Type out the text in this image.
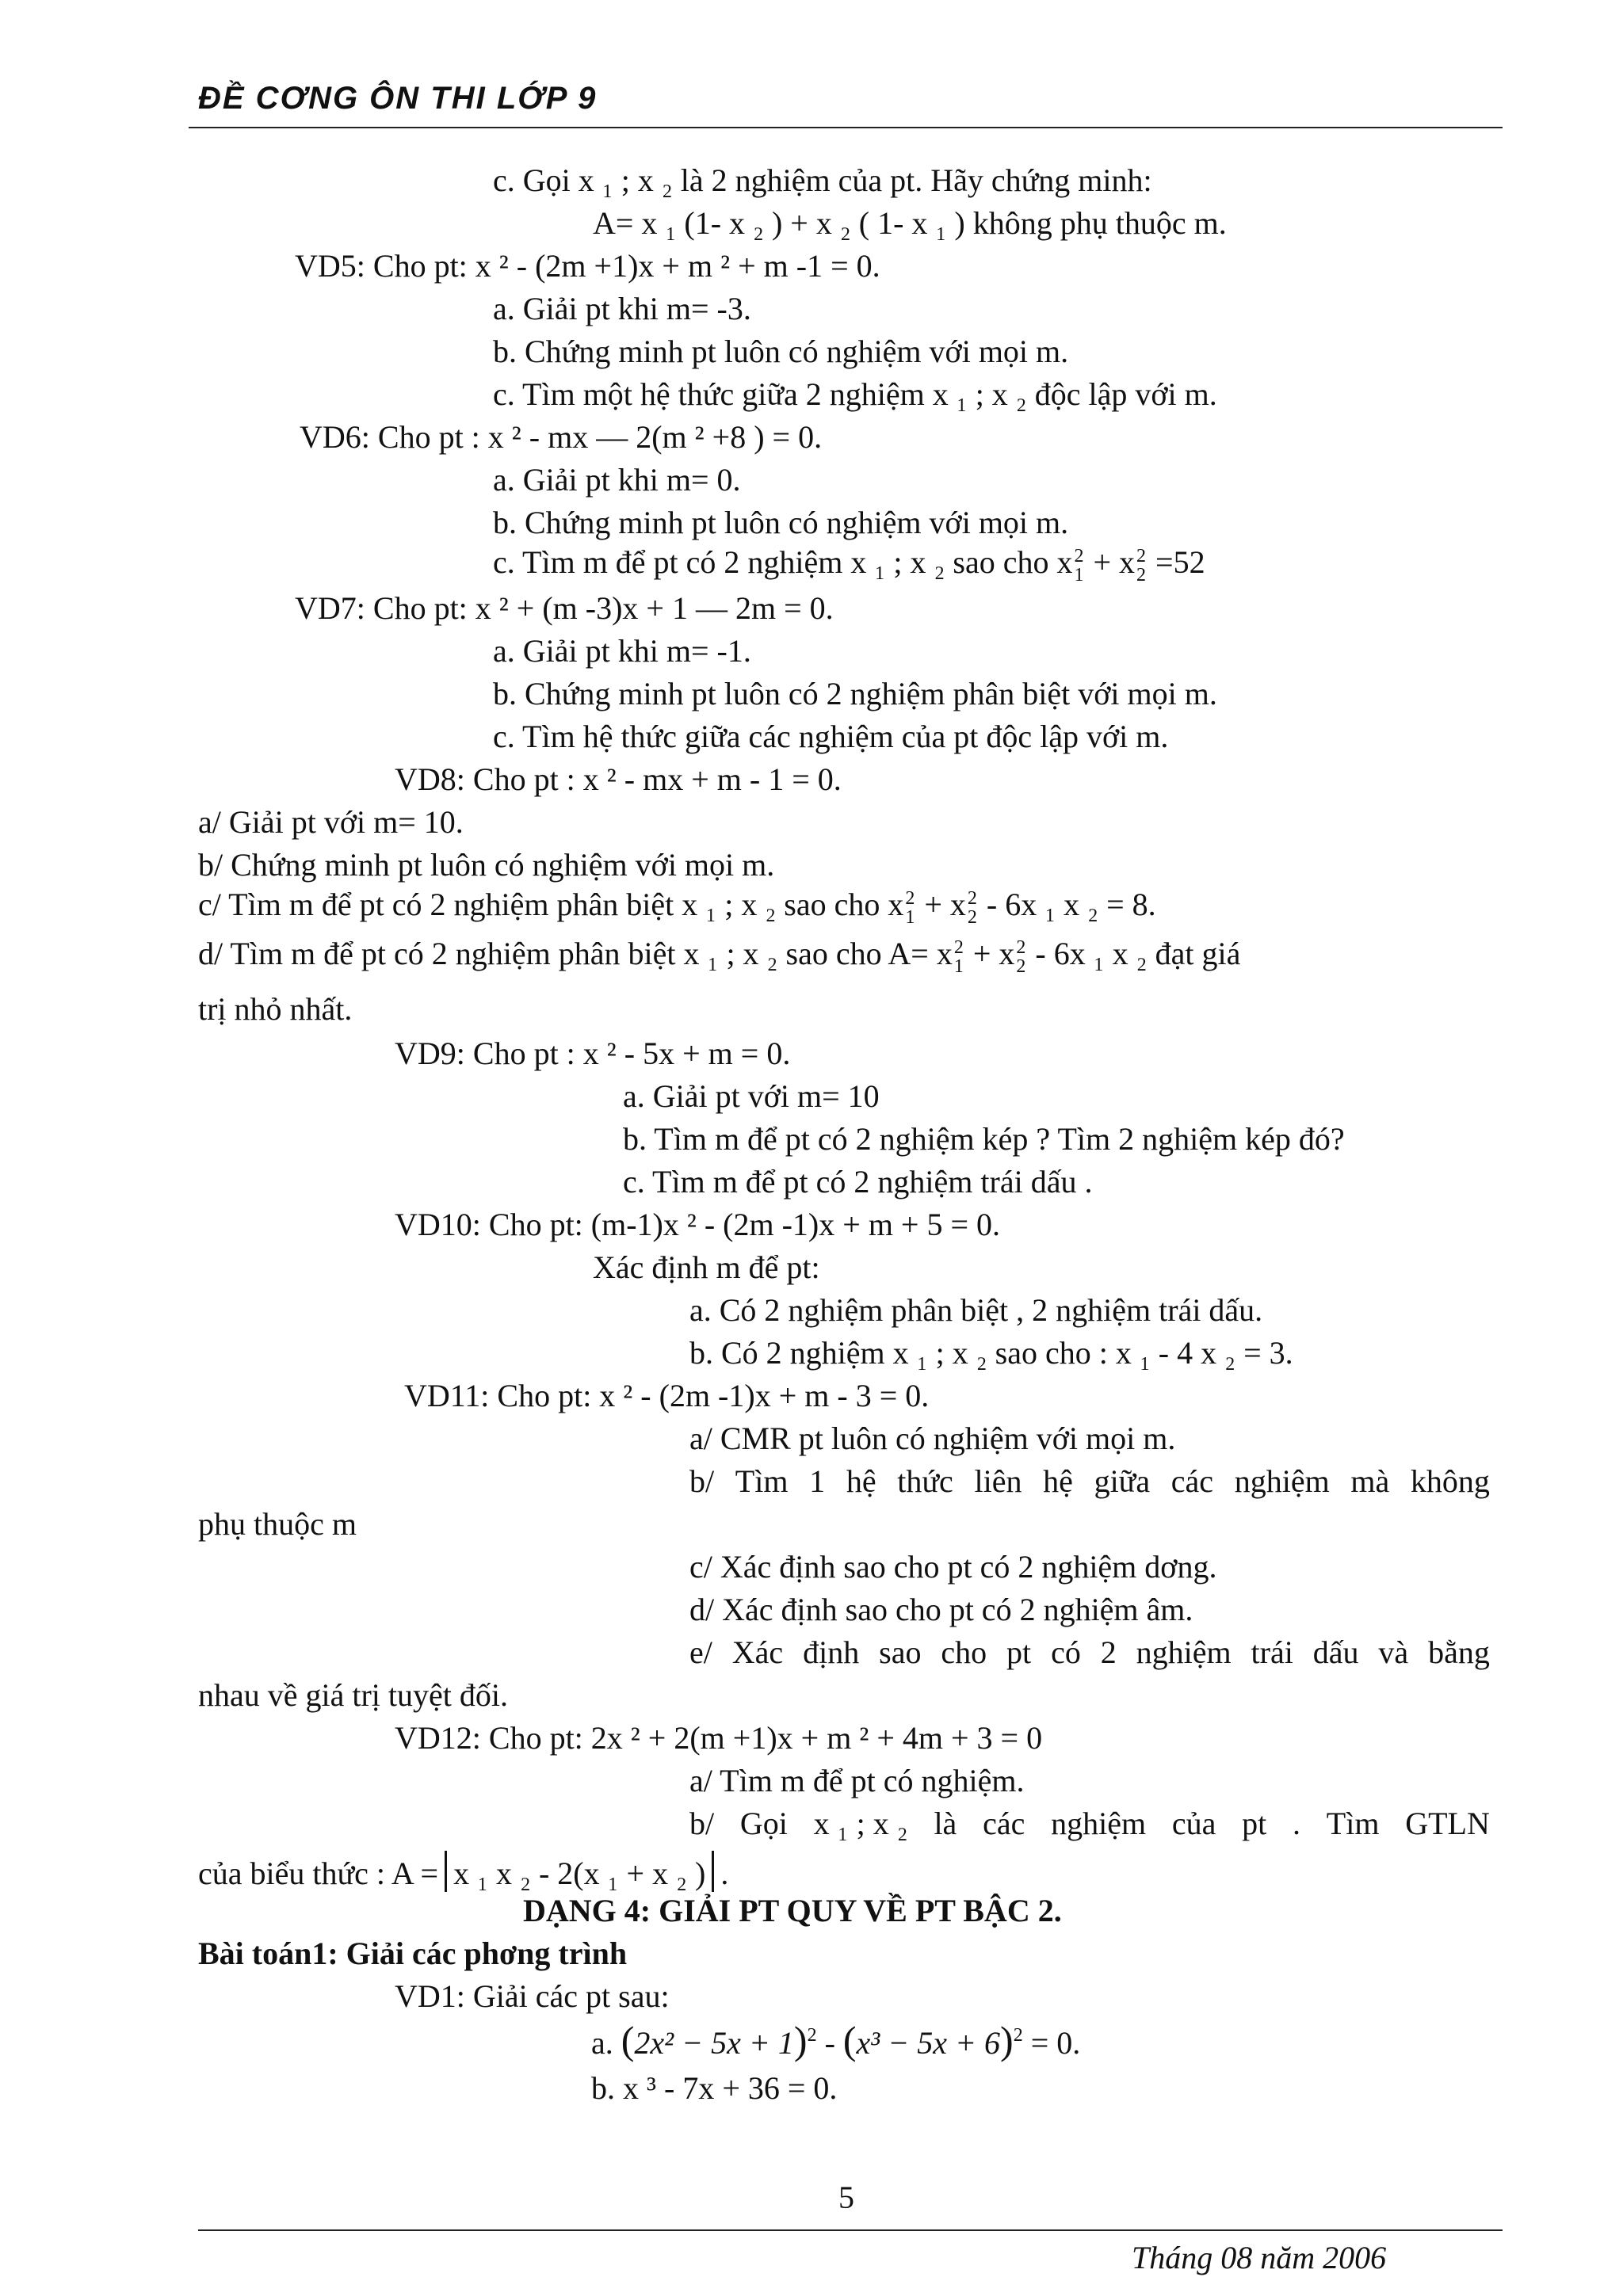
ĐỀ CƠNG ÔN THI LỚP 9
c. Gọi x ₁ ; x ₂ là 2 nghiệm của pt. Hãy chứng minh:
A= x ₁ (1- x ₂ ) + x ₂ ( 1- x ₁ ) không phụ thuộc m.
VD5: Cho pt: x ² - (2m +1)x + m ² + m -1 = 0.
a. Giải pt khi m= -3.
b. Chứng minh pt luôn có nghiệm với mọi m.
c. Tìm một hệ thức giữa 2 nghiệm x ₁ ; x ₂ độc lập với m.
VD6: Cho pt : x ² - mx — 2(m ² +8 ) = 0.
a. Giải pt khi m= 0.
b. Chứng minh pt luôn có nghiệm với mọi m.
c. Tìm m để pt có 2 nghiệm x ₁ ; x ₂ sao cho x 2
1 + x 2
2 =52
VD7: Cho pt: x ² + (m -3)x + 1 — 2m = 0.
a. Giải pt khi m= -1.
b. Chứng minh pt luôn có 2 nghiệm phân biệt với mọi m.
c. Tìm hệ thức giữa các nghiệm của pt độc lập với m.
VD8: Cho pt : x ² - mx + m - 1 = 0.
a/ Giải pt với m= 10.
b/ Chứng minh pt luôn có nghiệm với mọi m.
c/ Tìm m để pt có 2 nghiệm phân biệt x ₁ ; x ₂ sao cho x 2
1 + x 2
2 - 6x ₁ x ₂ = 8.
d/ Tìm m để pt có 2 nghiệm phân biệt x ₁ ; x ₂ sao cho A= x 2
1 + x 2
2 - 6x ₁ x ₂ đạt giá
trị nhỏ nhất.
VD9: Cho pt : x ² - 5x + m = 0.
a. Giải pt với m= 10
b. Tìm m để pt có 2 nghiệm kép ? Tìm 2 nghiệm kép đó?
c. Tìm m để pt có 2 nghiệm trái dấu .
VD10: Cho pt: (m-1)x ² - (2m -1)x + m + 5 = 0.
Xác định m để pt:
a. Có 2 nghiệm phân biệt , 2 nghiệm trái dấu.
b. Có 2 nghiệm x ₁ ; x ₂ sao cho : x ₁ - 4 x ₂ = 3.
VD11: Cho pt: x ² - (2m -1)x + m - 3 = 0.
a/ CMR pt luôn có nghiệm với mọi m.
b/ Tìm 1 hệ thức liên hệ giữa các nghiệm mà không
phụ thuộc m
c/ Xác định sao cho pt có 2 nghiệm dơng.
d/ Xác định sao cho pt có 2 nghiệm âm.
e/ Xác định sao cho pt có 2 nghiệm trái dấu và bằng
nhau về giá trị tuyệt đối.
VD12: Cho pt: 2x ² + 2(m +1)x + m ² + 4m + 3 = 0
a/ Tìm m để pt có nghiệm.
b/ Gọi x ₁ ; x ₂ là các nghiệm của pt . Tìm GTLN
của biểu thức : A = x ₁ x ₂ - 2(x ₁ + x ₂ ) .
DẠNG 4: GIẢI PT QUY VỀ PT BẬC 2.
Bài toán1: Giải các phơng trình
VD1: Giải các pt sau:
a. $(2x^2 - 5x + 1)^2 - (x^3 - 5x + 6)^2 = 0$.
b. x ³ - 7x + 36 = 0.
5
Tháng 08 năm 2006
